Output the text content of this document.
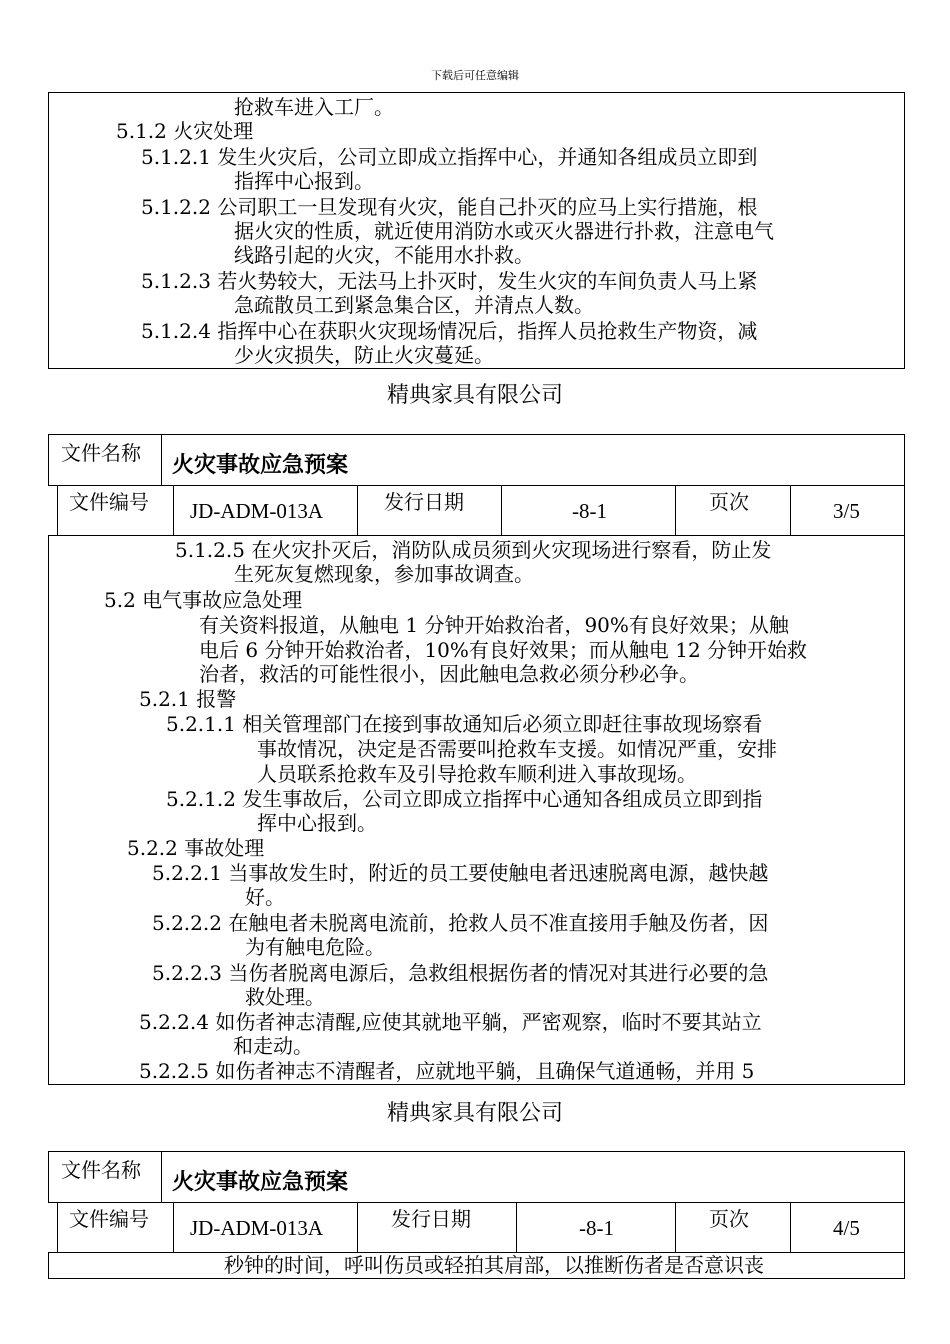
下载后可任意编辑
抢救车进入工厂。
5.1.2 火灾处理
5.1.2.1 发生火灾后，公司立即成立指挥中心，并通知各组成员立即到
指挥中心报到。
5.1.2.2 公司职工一旦发现有火灾，能自己扑灭的应马上实行措施，根
据火灾的性质，就近使用消防水或灭火器进行扑救，注意电气
线路引起的火灾，不能用水扑救。
5.1.2.3 若火势较大，无法马上扑灭时，发生火灾的车间负责人马上紧
急疏散员工到紧急集合区，并清点人数。
5.1.2.4 指挥中心在获职火灾现场情况后，指挥人员抢救生产物资，减
少火灾损失，防止火灾蔓延。
精典家具有限公司
文件名称 火灾事故应急预案
文件编号 JD-ADM-013A	发行日期	-8-1	页次	3/5
5.1.2.5 在火灾扑灭后，消防队成员须到火灾现场进行察看，防止发
生死灰复燃现象，参加事故调查。
5.2 电气事故应急处理
有关资料报道，从触电 1 分钟开始救治者，90%有良好效果；从触
电后 6 分钟开始救治者，10%有良好效果；而从触电 12 分钟开始救
治者，救活的可能性很小，因此触电急救必须分秒必争。
5.2.1 报警
5.2.1.1 相关管理部门在接到事故通知后必须立即赶往事故现场察看
事故情况，决定是否需要叫抢救车支援。如情况严重，安排
人员联系抢救车及引导抢救车顺利进入事故现场。
5.2.1.2 发生事故后，公司立即成立指挥中心通知各组成员立即到指
挥中心报到。
5.2.2 事故处理
5.2.2.1 当事故发生时，附近的员工要使触电者迅速脱离电源，越快越
好。
5.2.2.2 在触电者未脱离电流前，抢救人员不准直接用手触及伤者，因
为有触电危险。
5.2.2.3 当伤者脱离电源后，急救组根据伤者的情况对其进行必要的急
救处理。
5.2.2.4 如伤者神志清醒,应使其就地平躺，严密观察，临时不要其站立
和走动。
5.2.2.5 如伤者神志不清醒者，应就地平躺，且确保气道通畅，并用 5
精典家具有限公司
文件名称 火灾事故应急预案
文件编号 JD-ADM-013A	发行日期	-8-1	页次	4/5
秒钟的时间，呼叫伤员或轻拍其肩部，以推断伤者是否意识丧
